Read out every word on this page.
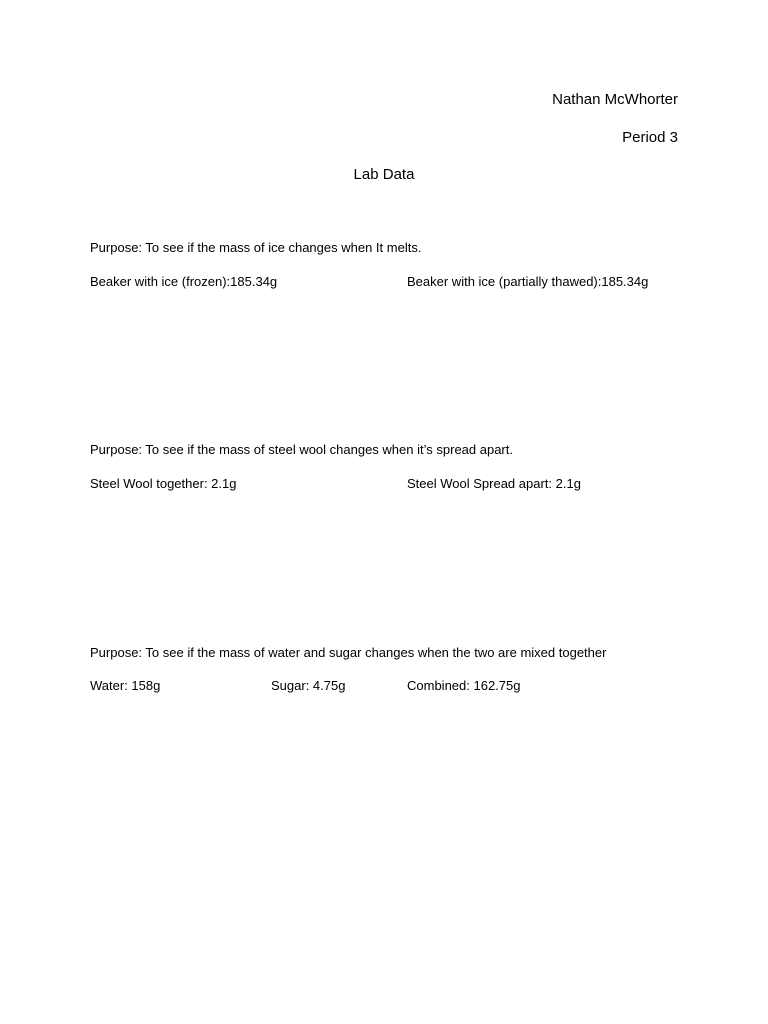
Nathan McWhorter
Period 3
Lab Data
Purpose: To see if the mass of ice changes when It melts.
Beaker with ice (frozen):185.34g	Beaker with ice (partially thawed):185.34g
Purpose: To see if the mass of steel wool changes when it’s spread apart.
Steel Wool together: 2.1g	Steel Wool Spread apart: 2.1g
Purpose: To see if the mass of water and sugar changes when the two are mixed together
Water: 158g	Sugar: 4.75g	Combined: 162.75g
